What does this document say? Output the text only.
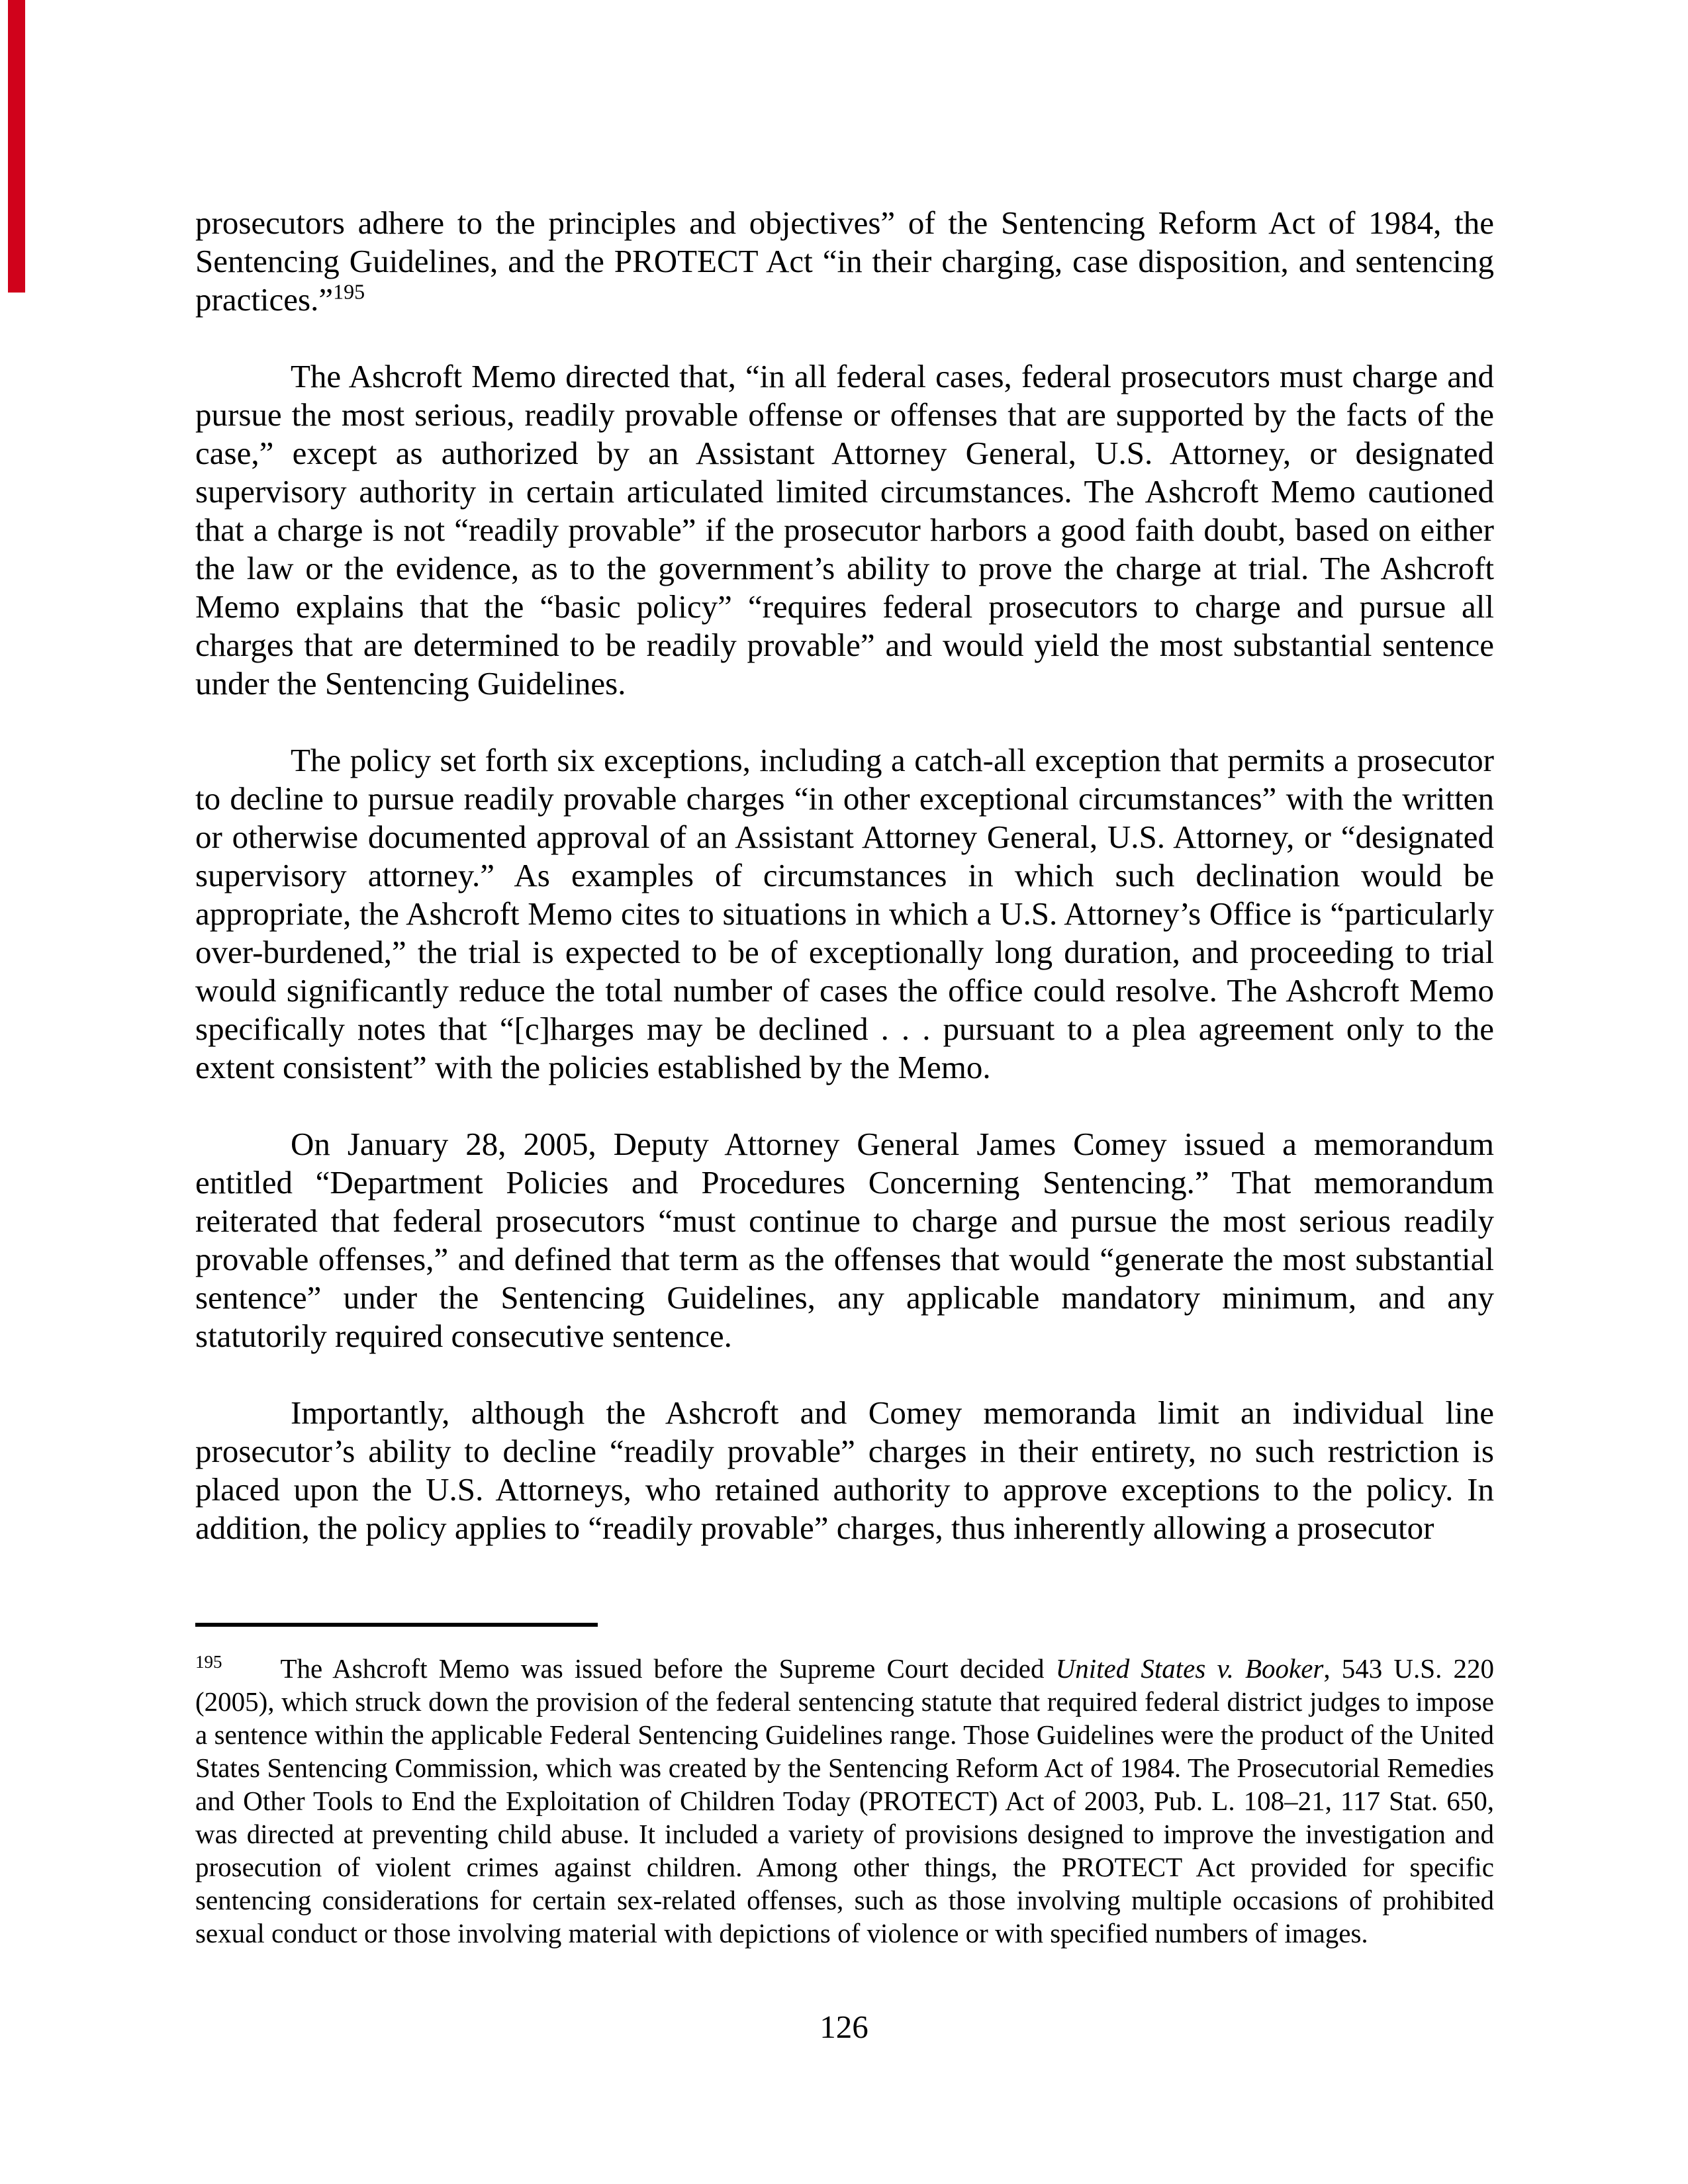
prosecutors adhere to the principles and objectives” of the Sentencing Reform Act of 1984, the Sentencing Guidelines, and the PROTECT Act “in their charging, case disposition, and sentencing practices.”$^{195}$

The Ashcroft Memo directed that, “in all federal cases, federal prosecutors must charge and pursue the most serious, readily provable offense or offenses that are supported by the facts of the case,” except as authorized by an Assistant Attorney General, U.S. Attorney, or designated supervisory authority in certain articulated limited circumstances. The Ashcroft Memo cautioned that a charge is not “readily provable” if the prosecutor harbors a good faith doubt, based on either the law or the evidence, as to the government’s ability to prove the charge at trial. The Ashcroft Memo explains that the “basic policy” “requires federal prosecutors to charge and pursue all charges that are determined to be readily provable” and would yield the most substantial sentence under the Sentencing Guidelines.

The policy set forth six exceptions, including a catch-all exception that permits a prosecutor to decline to pursue readily provable charges “in other exceptional circumstances” with the written or otherwise documented approval of an Assistant Attorney General, U.S. Attorney, or “designated supervisory attorney.” As examples of circumstances in which such declination would be appropriate, the Ashcroft Memo cites to situations in which a U.S. Attorney’s Office is “particularly over-burdened,” the trial is expected to be of exceptionally long duration, and proceeding to trial would significantly reduce the total number of cases the office could resolve. The Ashcroft Memo specifically notes that “[c]harges may be declined . . . pursuant to a plea agreement only to the extent consistent” with the policies established by the Memo.

On January 28, 2005, Deputy Attorney General James Comey issued a memorandum entitled “Department Policies and Procedures Concerning Sentencing.” That memorandum reiterated that federal prosecutors “must continue to charge and pursue the most serious readily provable offenses,” and defined that term as the offenses that would “generate the most substantial sentence” under the Sentencing Guidelines, any applicable mandatory minimum, and any statutorily required consecutive sentence.

Importantly, although the Ashcroft and Comey memoranda limit an individual line prosecutor’s ability to decline “readily provable” charges in their entirety, no such restriction is placed upon the U.S. Attorneys, who retained authority to approve exceptions to the policy. In addition, the policy applies to “readily provable” charges, thus inherently allowing a prosecutor

$^{195}$ The Ashcroft Memo was issued before the Supreme Court decided United States v. Booker, 543 U.S. 220 (2005), which struck down the provision of the federal sentencing statute that required federal district judges to impose a sentence within the applicable Federal Sentencing Guidelines range. Those Guidelines were the product of the United States Sentencing Commission, which was created by the Sentencing Reform Act of 1984. The Prosecutorial Remedies and Other Tools to End the Exploitation of Children Today (PROTECT) Act of 2003, Pub. L. 108–21, 117 Stat. 650, was directed at preventing child abuse. It included a variety of provisions designed to improve the investigation and prosecution of violent crimes against children. Among other things, the PROTECT Act provided for specific sentencing considerations for certain sex-related offenses, such as those involving multiple occasions of prohibited sexual conduct or those involving material with depictions of violence or with specified numbers of images.

126
